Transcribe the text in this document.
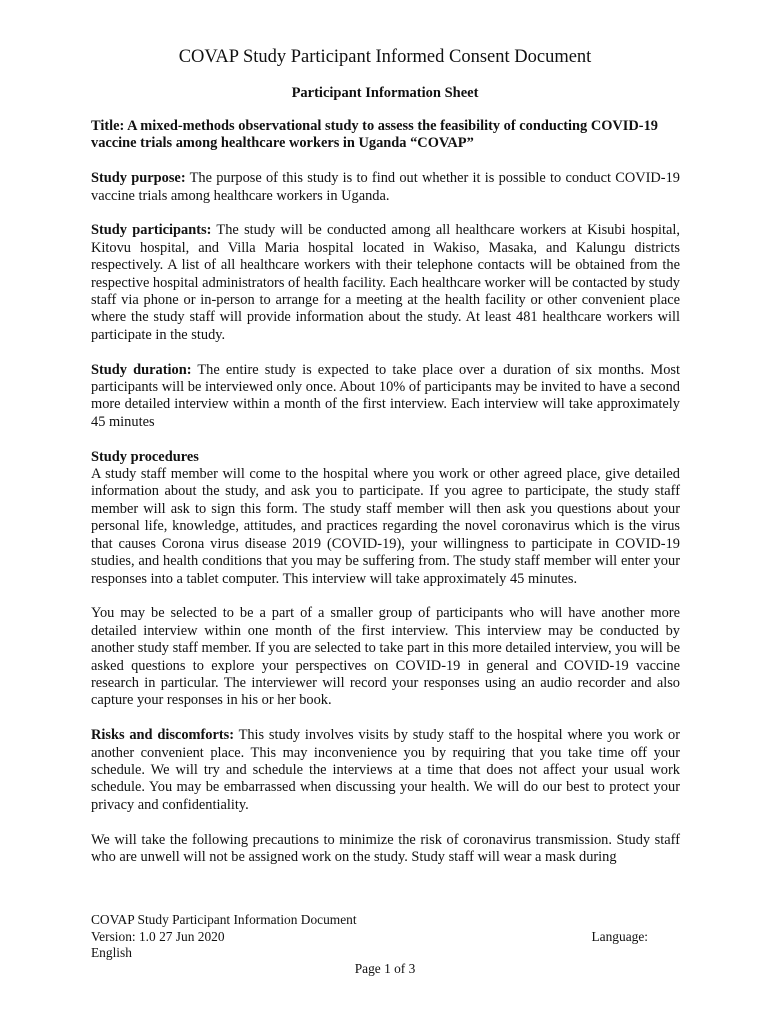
COVAP Study Participant Informed Consent Document
Participant Information Sheet

Title: A mixed-methods observational study to assess the feasibility of conducting COVID-19 vaccine trials among healthcare workers in Uganda “COVAP”

Study purpose: The purpose of this study is to find out whether it is possible to conduct COVID-19 vaccine trials among healthcare workers in Uganda.

Study participants: The study will be conducted among all healthcare workers at Kisubi hospital, Kitovu hospital, and Villa Maria hospital located in Wakiso, Masaka, and Kalungu districts respectively. A list of all healthcare workers with their telephone contacts will be obtained from the respective hospital administrators of health facility. Each healthcare worker will be contacted by study staff via phone or in-person to arrange for a meeting at the health facility or other convenient place where the study staff will provide information about the study. At least 481 healthcare workers will participate in the study.

Study duration: The entire study is expected to take place over a duration of six months. Most participants will be interviewed only once. About 10% of participants may be invited to have a second more detailed interview within a month of the first interview. Each interview will take approximately 45 minutes

Study procedures
A study staff member will come to the hospital where you work or other agreed place, give detailed information about the study, and ask you to participate. If you agree to participate, the study staff member will ask to sign this form. The study staff member will then ask you questions about your personal life, knowledge, attitudes, and practices regarding the novel coronavirus which is the virus that causes Corona virus disease 2019 (COVID-19), your willingness to participate in COVID-19 studies, and health conditions that you may be suffering from. The study staff member will enter your responses into a tablet computer. This interview will take approximately 45 minutes.

You may be selected to be a part of a smaller group of participants who will have another more detailed interview within one month of the first interview. This interview may be conducted by another study staff member. If you are selected to take part in this more detailed interview, you will be asked questions to explore your perspectives on COVID-19 in general and COVID-19 vaccine research in particular. The interviewer will record your responses using an audio recorder and also capture your responses in his or her book.

Risks and discomforts: This study involves visits by study staff to the hospital where you work or another convenient place. This may inconvenience you by requiring that you take time off your schedule. We will try and schedule the interviews at a time that does not affect your usual work schedule. You may be embarrassed when discussing your health. We will do our best to protect your privacy and confidentiality.

We will take the following precautions to minimize the risk of coronavirus transmission. Study staff who are unwell will not be assigned work on the study. Study staff will wear a mask during

COVAP Study Participant Information Document
Version: 1.0 27 Jun 2020	Language:
English
Page 1 of 3
